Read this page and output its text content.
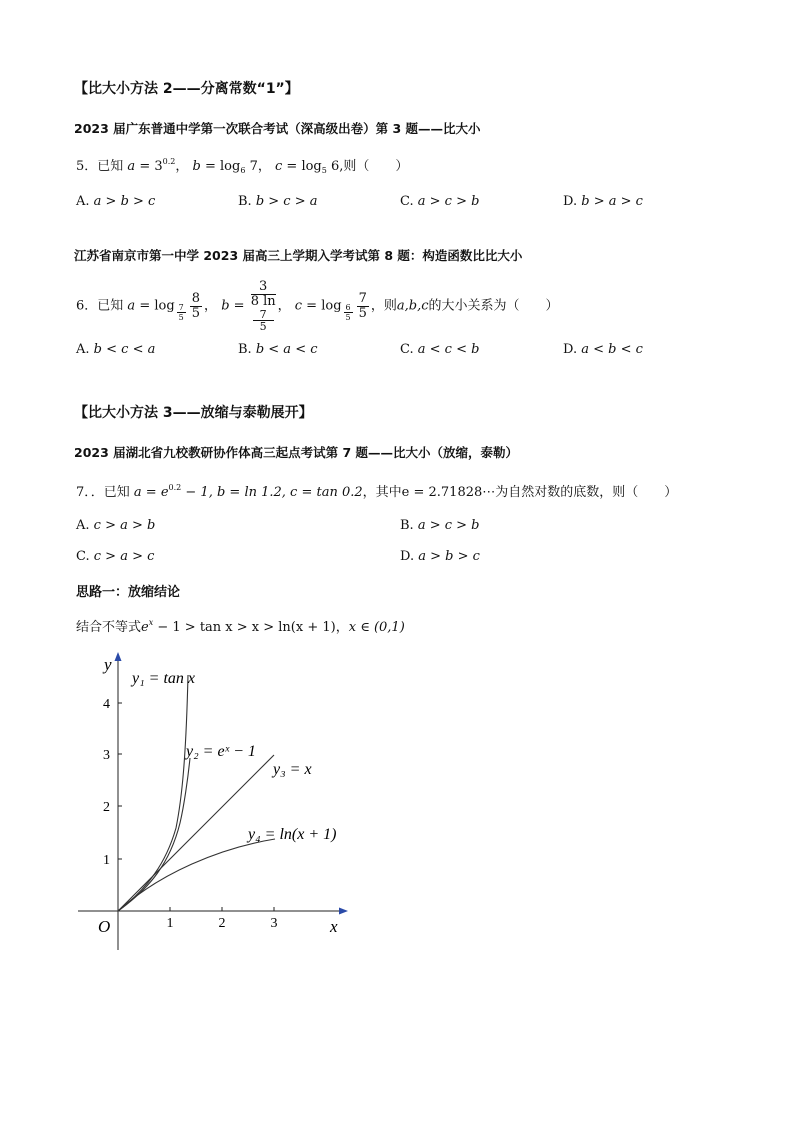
【比大小方法 2——分离常数“1”】
2023 届广东普通中学第一次联合考试（深高级出卷）第 3 题——比大小
5．已知 $a = 3^{0.2}$， $b = \log_6 7$， $c = \log_5 6$,则（　　）
A. a > b > c	B. b > c > a	C. a > c > b	D. b > a > c
江苏省南京市第一中学 2023 届高三上学期入学考试第 8 题：构造函数比比大小
6．已知 $a = \log \frac{7}{5} \frac{8}{5}$ ， b = 3
8 ln
7
5 ， $c = \log \frac{6}{5} \frac{7}{5}$ ，则a,b,c的大小关系为（　　）
A. b < c < a	B. b < a < c	C. a < c < b	D. a < b < c
【比大小方法 3——放缩与泰勒展开】
2023 届湖北省九校教研协作体高三起点考试第 7 题——比大小（放缩，泰勒）
7．．已知 $a = e^{0.2} - 1$, b = ln 1.2, c = tan 0.2，其中e = 2.71828⋯为自然对数的底数，则（　　）
A. c > a > b	B. a > c > b
C. c > a > c	D. a > b > c
思路一：放缩结论
结合不等式$e^x - 1 > \tan x > x > \ln(x + 1)$，x ∈ (0,1)
1	2	3
1
2
3
4
y
x
O
y₁ = tan x
y₂ = eˣ − 1
y₃ = x
y₄ = ln(x + 1)
